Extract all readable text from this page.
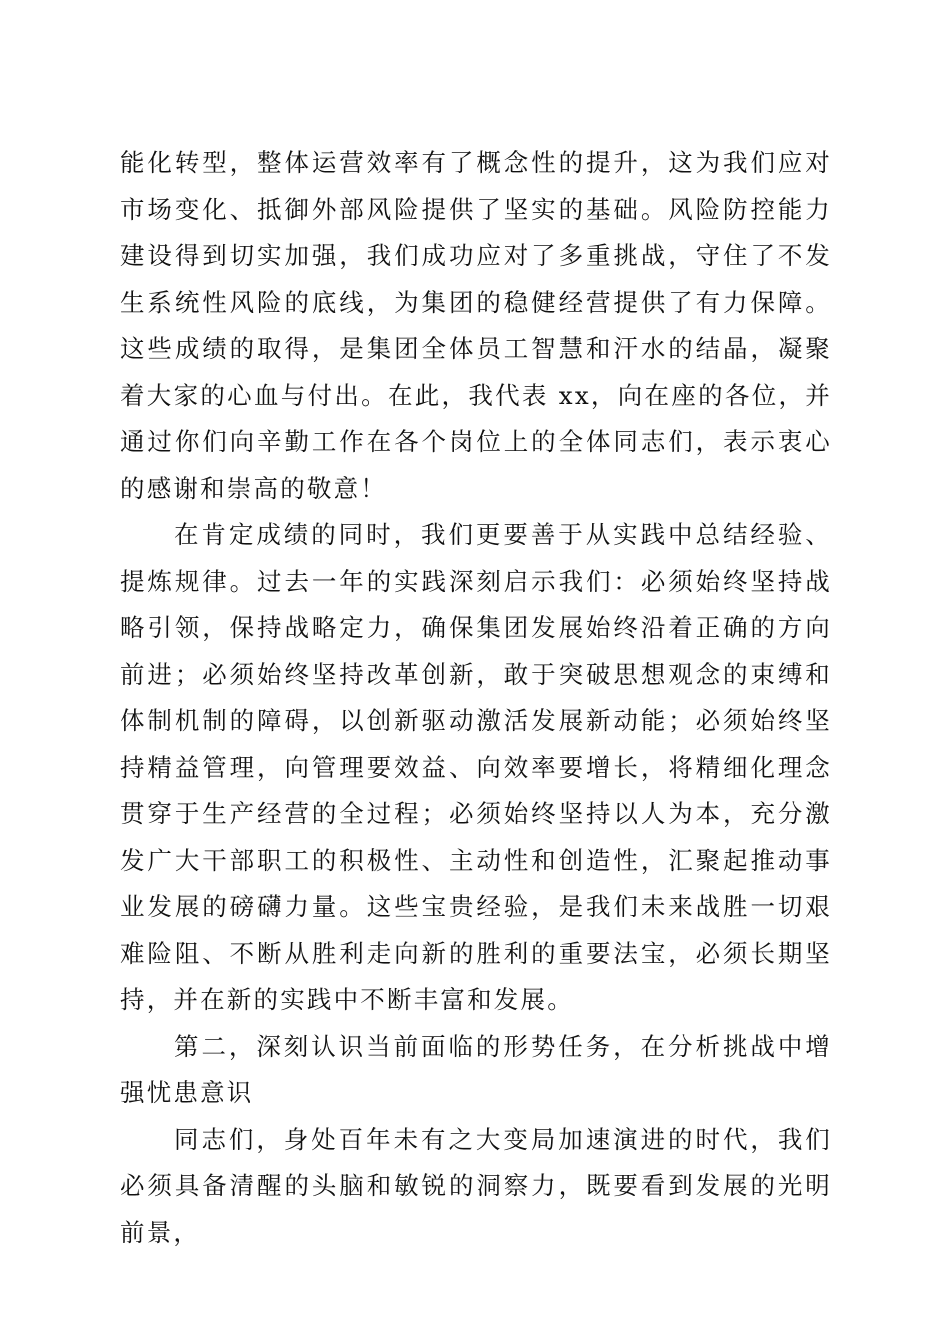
能化转型，整体运营效率有了概念性的提升，这为我们应对市场变化、抵御外部风险提供了坚实的基础。风险防控能力建设得到切实加强，我们成功应对了多重挑战，守住了不发生系统性风险的底线，为集团的稳健经营提供了有力保障。这些成绩的取得，是集团全体员工智慧和汗水的结晶，凝聚着大家的心血与付出。在此，我代表 xx，向在座的各位，并通过你们向辛勤工作在各个岗位上的全体同志们，表示衷心的感谢和崇高的敬意！

在肯定成绩的同时，我们更要善于从实践中总结经验、提炼规律。过去一年的实践深刻启示我们：必须始终坚持战略引领，保持战略定力，确保集团发展始终沿着正确的方向前进；必须始终坚持改革创新，敢于突破思想观念的束缚和体制机制的障碍，以创新驱动激活发展新动能；必须始终坚持精益管理，向管理要效益、向效率要增长，将精细化理念贯穿于生产经营的全过程；必须始终坚持以人为本，充分激发广大干部职工的积极性、主动性和创造性，汇聚起推动事业发展的磅礴力量。这些宝贵经验，是我们未来战胜一切艰难险阻、不断从胜利走向新的胜利的重要法宝，必须长期坚持，并在新的实践中不断丰富和发展。

第二，深刻认识当前面临的形势任务，在分析挑战中增强忧患意识

同志们，身处百年未有之大变局加速演进的时代，我们必须具备清醒的头脑和敏锐的洞察力，既要看到发展的光明前景，
